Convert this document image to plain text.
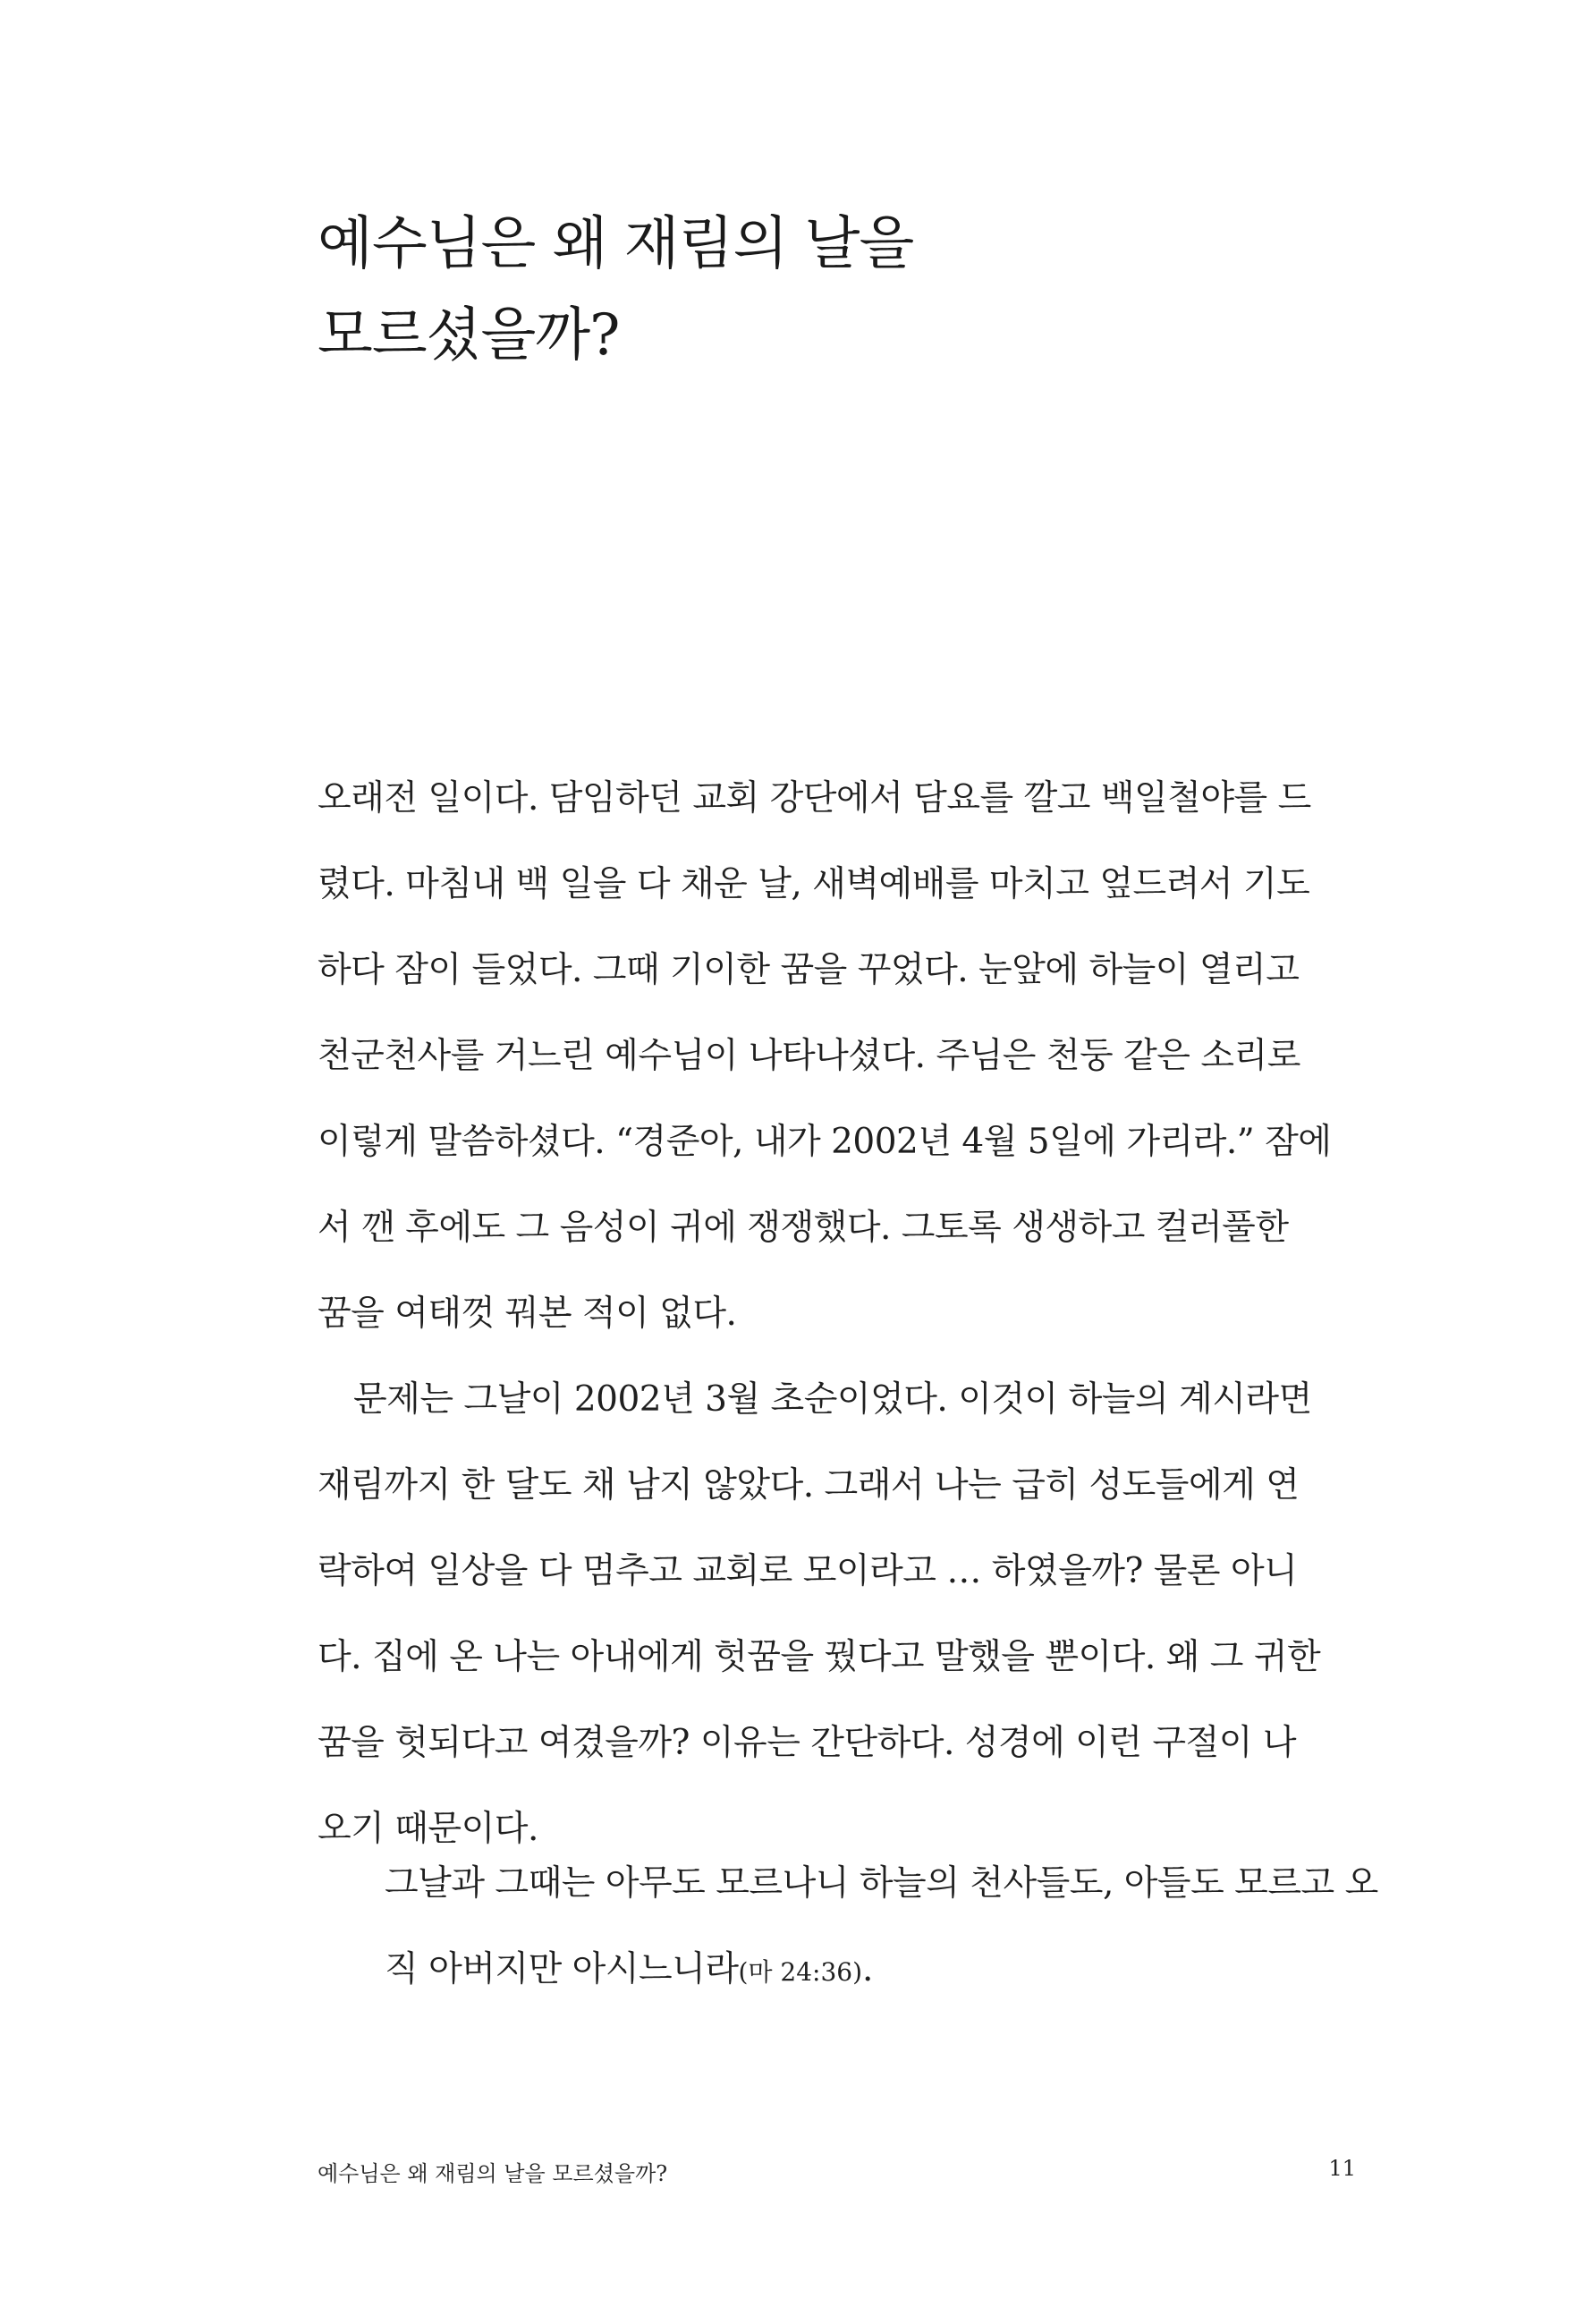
예수님은 왜 재림의 날을
모르셨을까?
오래전 일이다. 담임하던 교회 강단에서 담요를 깔고 백일철야를 드
렸다. 마침내 백 일을 다 채운 날, 새벽예배를 마치고 엎드려서 기도
하다 잠이 들었다. 그때 기이한 꿈을 꾸었다. 눈앞에 하늘이 열리고
천군천사를 거느린 예수님이 나타나셨다. 주님은 천둥 같은 소리로
이렇게 말씀하셨다. “경준아, 내가 2002년 4월 5일에 가리라.” 잠에
서 깬 후에도 그 음성이 귀에 쟁쟁했다. 그토록 생생하고 컬러풀한
꿈을 여태껏 꿔본 적이 없다.
문제는 그날이 2002년 3월 초순이었다. 이것이 하늘의 계시라면
재림까지 한 달도 채 남지 않았다. 그래서 나는 급히 성도들에게 연
락하여 일상을 다 멈추고 교회로 모이라고 … 하였을까? 물론 아니
다. 집에 온 나는 아내에게 헛꿈을 꿨다고 말했을 뿐이다. 왜 그 귀한
꿈을 헛되다고 여겼을까? 이유는 간단하다. 성경에 이런 구절이 나
오기 때문이다.
그날과 그때는 아무도 모르나니 하늘의 천사들도, 아들도 모르고 오
직 아버지만 아시느니라(마 24:36).
예수님은 왜 재림의 날을 모르셨을까?	11
